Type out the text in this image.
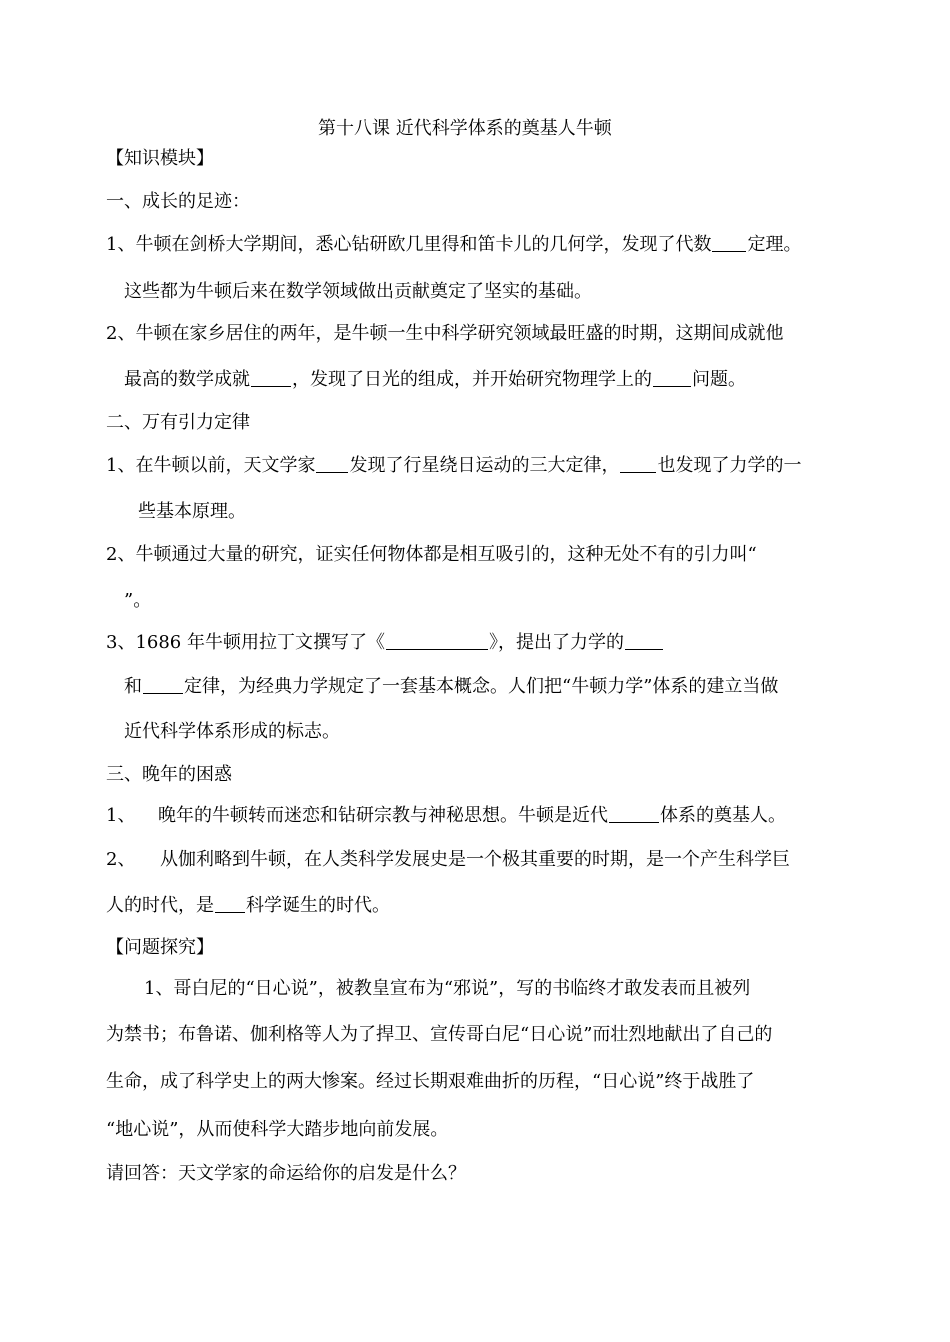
第十八课 近代科学体系的奠基人牛顿
【知识模块】
一、成长的足迹：
1、牛顿在剑桥大学期间，悉心钻研欧几里得和笛卡儿的几何学，发现了代数 定理。
这些都为牛顿后来在数学领域做出贡献奠定了坚实的基础。
2、牛顿在家乡居住的两年，是牛顿一生中科学研究领域最旺盛的时期，这期间成就他
最高的数学成就 ，发现了日光的组成，并开始研究物理学上的 问题。
二、万有引力定律
1、在牛顿以前，天文学家 发现了行星绕日运动的三大定律， 也发现了力学的一
些基本原理。
2、牛顿通过大量的研究，证实任何物体都是相互吸引的，这种无处不有的引力叫“
”。
3、1686 年牛顿用拉丁文撰写了《	》，提出了力学的
和 定律，为经典力学规定了一套基本概念。人们把“牛顿力学”体系的建立当做
近代科学体系形成的标志。
三、晚年的困惑
1、 晚年的牛顿转而迷恋和钻研宗教与神秘思想。牛顿是近代	体系的奠基人。
2、 从伽利略到牛顿，在人类科学发展史是一个极其重要的时期，是一个产生科学巨
人的时代，是 科学诞生的时代。
【问题探究】
1、哥白尼的“日心说”，被教皇宣布为“邪说”，写的书临终才敢发表而且被列
为禁书；布鲁诺、伽利格等人为了捍卫、宣传哥白尼“日心说”而壮烈地献出了自己的
生命，成了科学史上的两大惨案。经过长期艰难曲折的历程，“日心说”终于战胜了
“地心说”，从而使科学大踏步地向前发展。
请回答：天文学家的命运给你的启发是什么？
